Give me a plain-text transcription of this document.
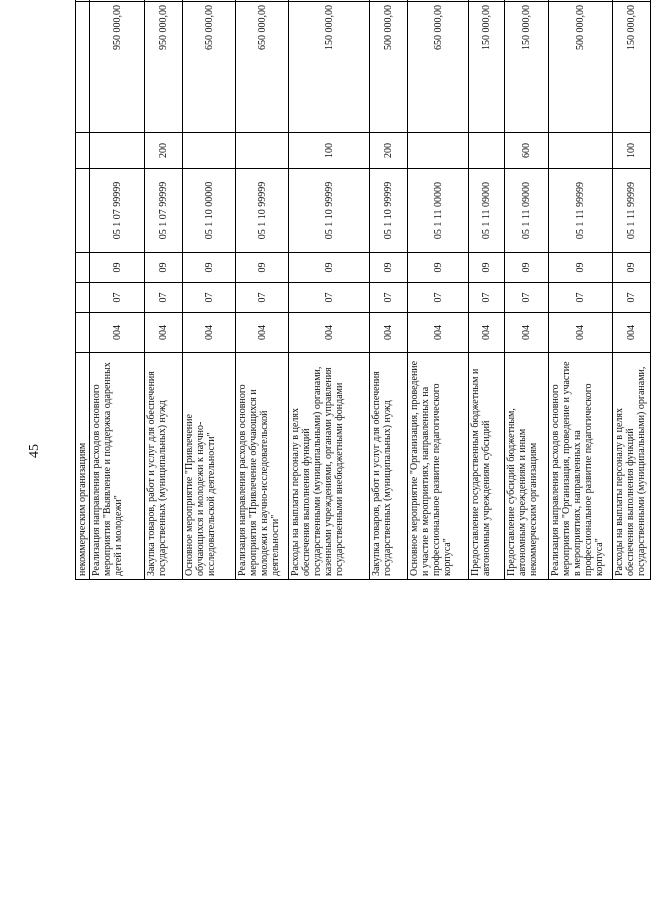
45	некоммерческим организациям								
Реализация направления расходов основного мероприятия "Выявление и поддержка одаренных детей и молодежи"	004	07	09	05 1 07 99999		950 000,00		
Закупка товаров, работ и услуг для обеспечения государственных (муниципальных) нужд	004	07	09	05 1 07 99999	200	950 000,00		
Основное мероприятие "Привлечение обучающихся и молодежи к научно-исследовательской деятельности"	004	07	09	05 1 10 00000		650 000,00		
Реализация направления расходов основного мероприятия "Привлечение обучающихся и молодежи к научно-исследовательской деятельности"	004	07	09	05 1 10 99999		650 000,00		
Расходы на выплаты персоналу в целях обеспечения выполнения функций государственными (муниципальными) органами, казенными учреждениями, органами управления государственными внебюджетными фондами	004	07	09	05 1 10 99999	100	150 000,00		
Закупка товаров, работ и услуг для обеспечения государственных (муниципальных) нужд	004	07	09	05 1 10 99999	200	500 000,00		
Основное мероприятие "Организация, проведение и участие в мероприятиях, направленных на профессиональное развитие педагогического корпуса"	004	07	09	05 1 11 00000		650 000,00		
Предоставление государственным бюджетным и автономным учреждениям субсидий	004	07	09	05 1 11 09000		150 000,00		
Предоставление субсидий бюджетным, автономным учреждениям и иным некоммерческим организациям	004	07	09	05 1 11 09000	600	150 000,00		
Реализация направления расходов основного мероприятия "Организация, проведение и участие в мероприятиях, направленных на профессиональное развитие педагогического корпуса"	004	07	09	05 1 11 99999		500 000,00		
Расходы на выплаты персоналу в целях обеспечения выполнения функций государственными (муниципальными) органами,	004	07	09	05 1 11 99999	100	150 000,00		
